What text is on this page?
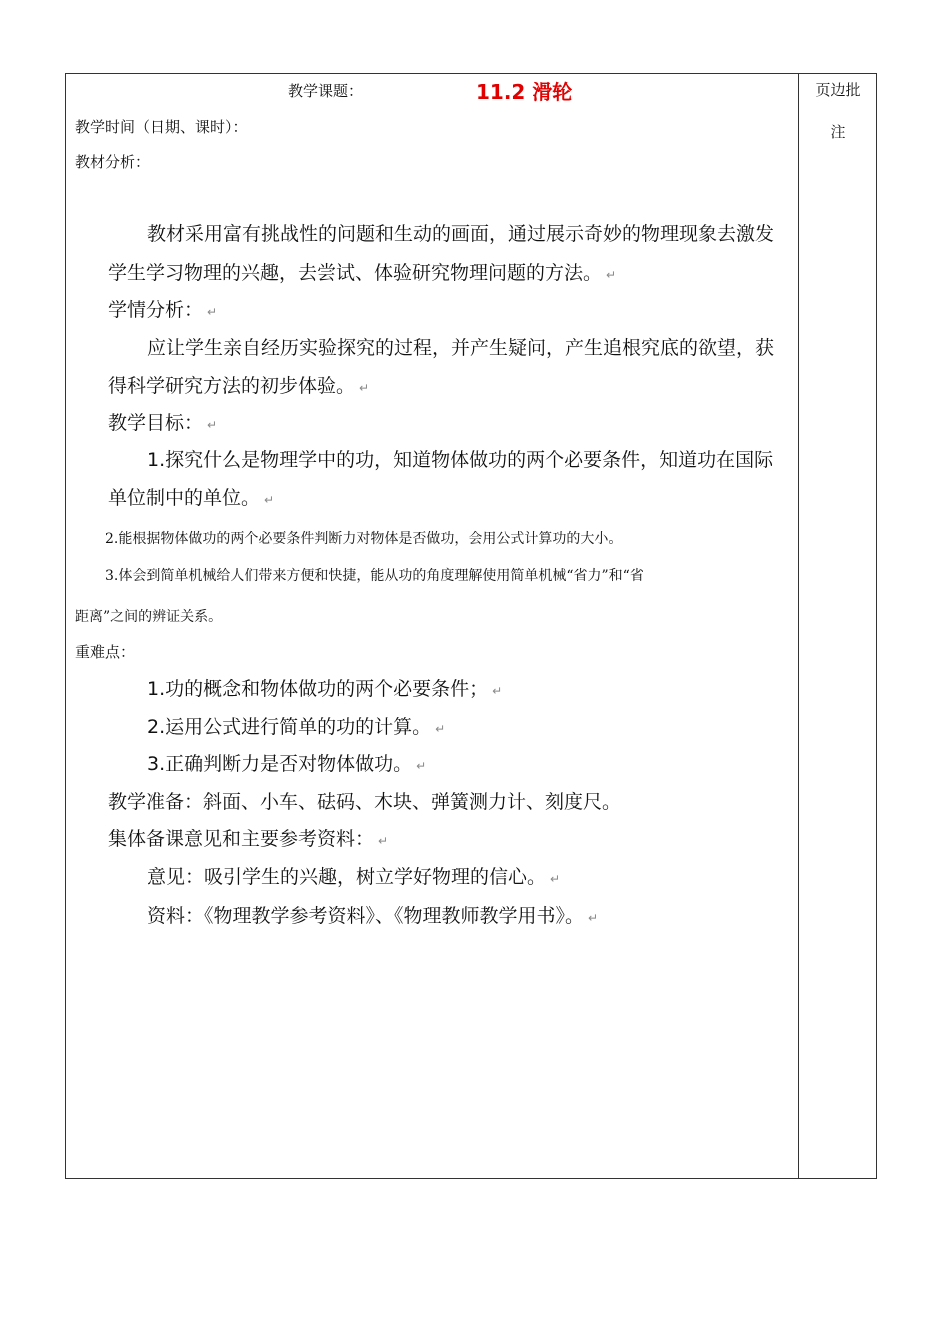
页边批
注
教学课题：	11.2 滑轮
教学时间（日期、课时）：
教材分析：
教材采用富有挑战性的问题和生动的画面，通过展示奇妙的物理现象去激发
学生学习物理的兴趣，去尝试、体验研究物理问题的方法。 ↵
学情分析： ↵
应让学生亲自经历实验探究的过程，并产生疑问，产生追根究底的欲望，获
得科学研究方法的初步体验。 ↵
教学目标： ↵
1.探究什么是物理学中的功，知道物体做功的两个必要条件，知道功在国际
单位制中的单位。 ↵
2.能根据物体做功的两个必要条件判断力对物体是否做功，会用公式计算功的大小。
3.体会到简单机械给人们带来方便和快捷，能从功的角度理解使用简单机械“省力”和“省
距离”之间的辨证关系。
重难点：
1.功的概念和物体做功的两个必要条件； ↵
2.运用公式进行简单的功的计算。 ↵
3.正确判断力是否对物体做功。 ↵
教学准备：斜面、小车、砝码、木块、弹簧测力计、刻度尺。
集体备课意见和主要参考资料： ↵
意见：吸引学生的兴趣，树立学好物理的信心。 ↵
资料：《物理教学参考资料》、《物理教师教学用书》。 ↵
